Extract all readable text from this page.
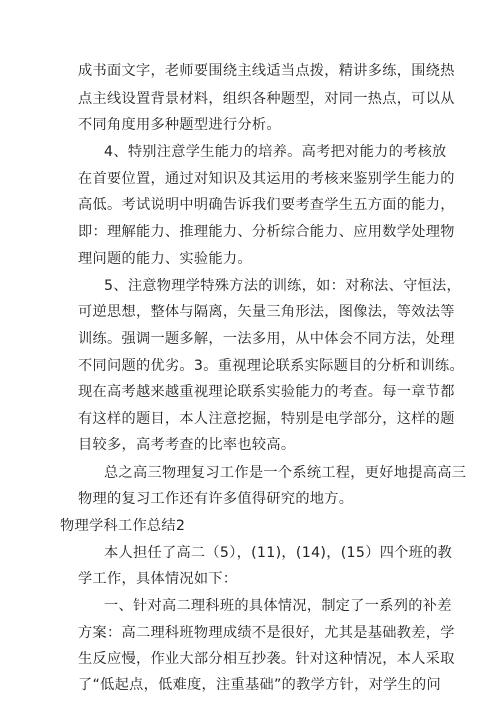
成书面文字，老师要围绕主线适当点拨，精讲多练，围绕热
点主线设置背景材料，组织各种题型，对同一热点，可以从
不同角度用多种题型进行分析。
4、特别注意学生能力的培养。高考把对能力的考核放
在首要位置，通过对知识及其运用的考核来鉴别学生能力的
高低。考试说明中明确告诉我们要考查学生五方面的能力，
即：理解能力、推理能力、分析综合能力、应用数学处理物
理问题的能力、实验能力。
5、注意物理学特殊方法的训练，如：对称法、守恒法，
可逆思想，整体与隔离，矢量三角形法，图像法，等效法等
训练。强调一题多解，一法多用，从中体会不同方法，处理
不同问题的优劣。3。重视理论联系实际题目的分析和训练。
现在高考越来越重视理论联系实验能力的考查。每一章节都
有这样的题目，本人注意挖掘，特别是电学部分，这样的题
目较多，高考考查的比率也较高。
总之高三物理复习工作是一个系统工程，更好地提高高三
物理的复习工作还有许多值得研究的地方。
物理学科工作总结2
本人担任了高二（5），(11)，(14)，(15）四个班的教
学工作，具体情况如下：
一、针对高二理科班的具体情况，制定了一系列的补差
方案：高二理科班物理成绩不是很好，尤其是基础教差，学
生反应慢，作业大部分相互抄袭。针对这种情况，本人采取
了“低起点，低难度，注重基础”的教学方针，对学生的问
